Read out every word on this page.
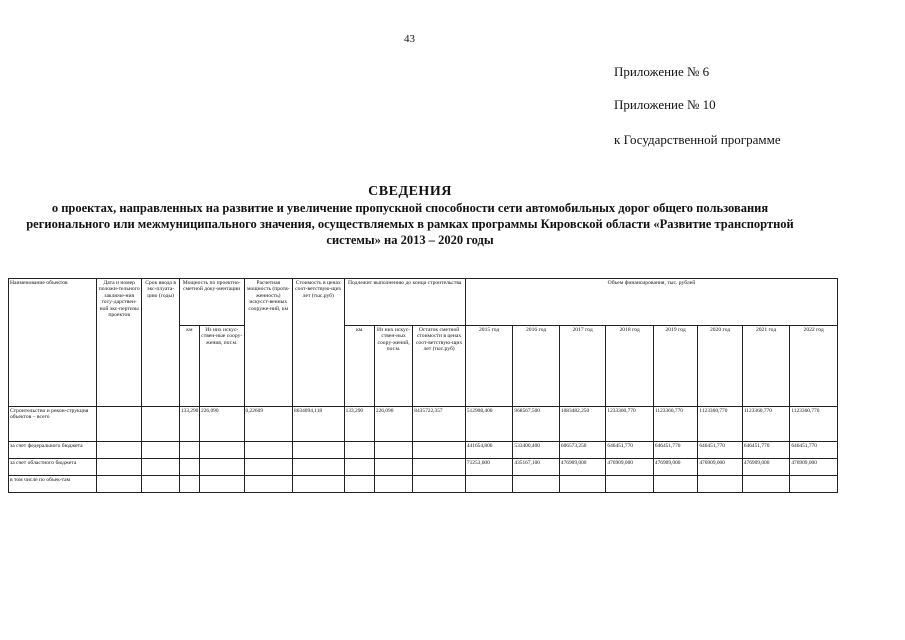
43
Приложение № 6
Приложение № 10
к Государственной программе
СВЕДЕНИЯ
о проектах, направленных на развитие и увеличение пропускной способности сети автомобильных дорог общего пользования регионального или межмуниципального значения, осуществляемых в рамках программы Кировской области «Развитие транспортной системы» на 2013 – 2020 годы
Наименование объектов	Дата и номер положи-тельного заключе-ния госу-дарствен-ной экс-пертизы проектов	Срок ввода в экс-плуата-цию (годы)	Мощность по проектно-сметной доку-ментации		Расчетная мощность (протя-женность) искусст-венных сооруже-ний, км	Стоимость в ценах соот-ветствую-щих лет (тыс.руб)	Подлежит выполнению до конца строительства			Объем финансирования, тыс. рублей							
			км	Из них искус-ствен-ные соору-жения, пог.м.			км	Из них искус-ствен-ных соору-жений, пог.м.	Остаток сметной стоимости в ценах соот-ветствую-щих лет (тыс.руб)	2015 год	2016 год	2017 год	2018 год	2019 год	2020 год	2021 год	2022 год
Строительство и рекон-струкция объектов – всего			133,290	226,090	0,22609	8634094,118	133,290	226,090	8435722,357	512908,400	968567,500	1083482,250	1233360,770	1123360,770	1123360,770	1123360,770	1123360,770
за счет федерального бюджета										441654,800	533400,400	606573,250	646451,770	646451,770	646451,770	646451,770	646451,770
за счет областного бюджета										71253,600	435167,100	476909,000	476909,000	476909,000	476909,000	476909,000	476909,000
в том числе по объек-там																	
